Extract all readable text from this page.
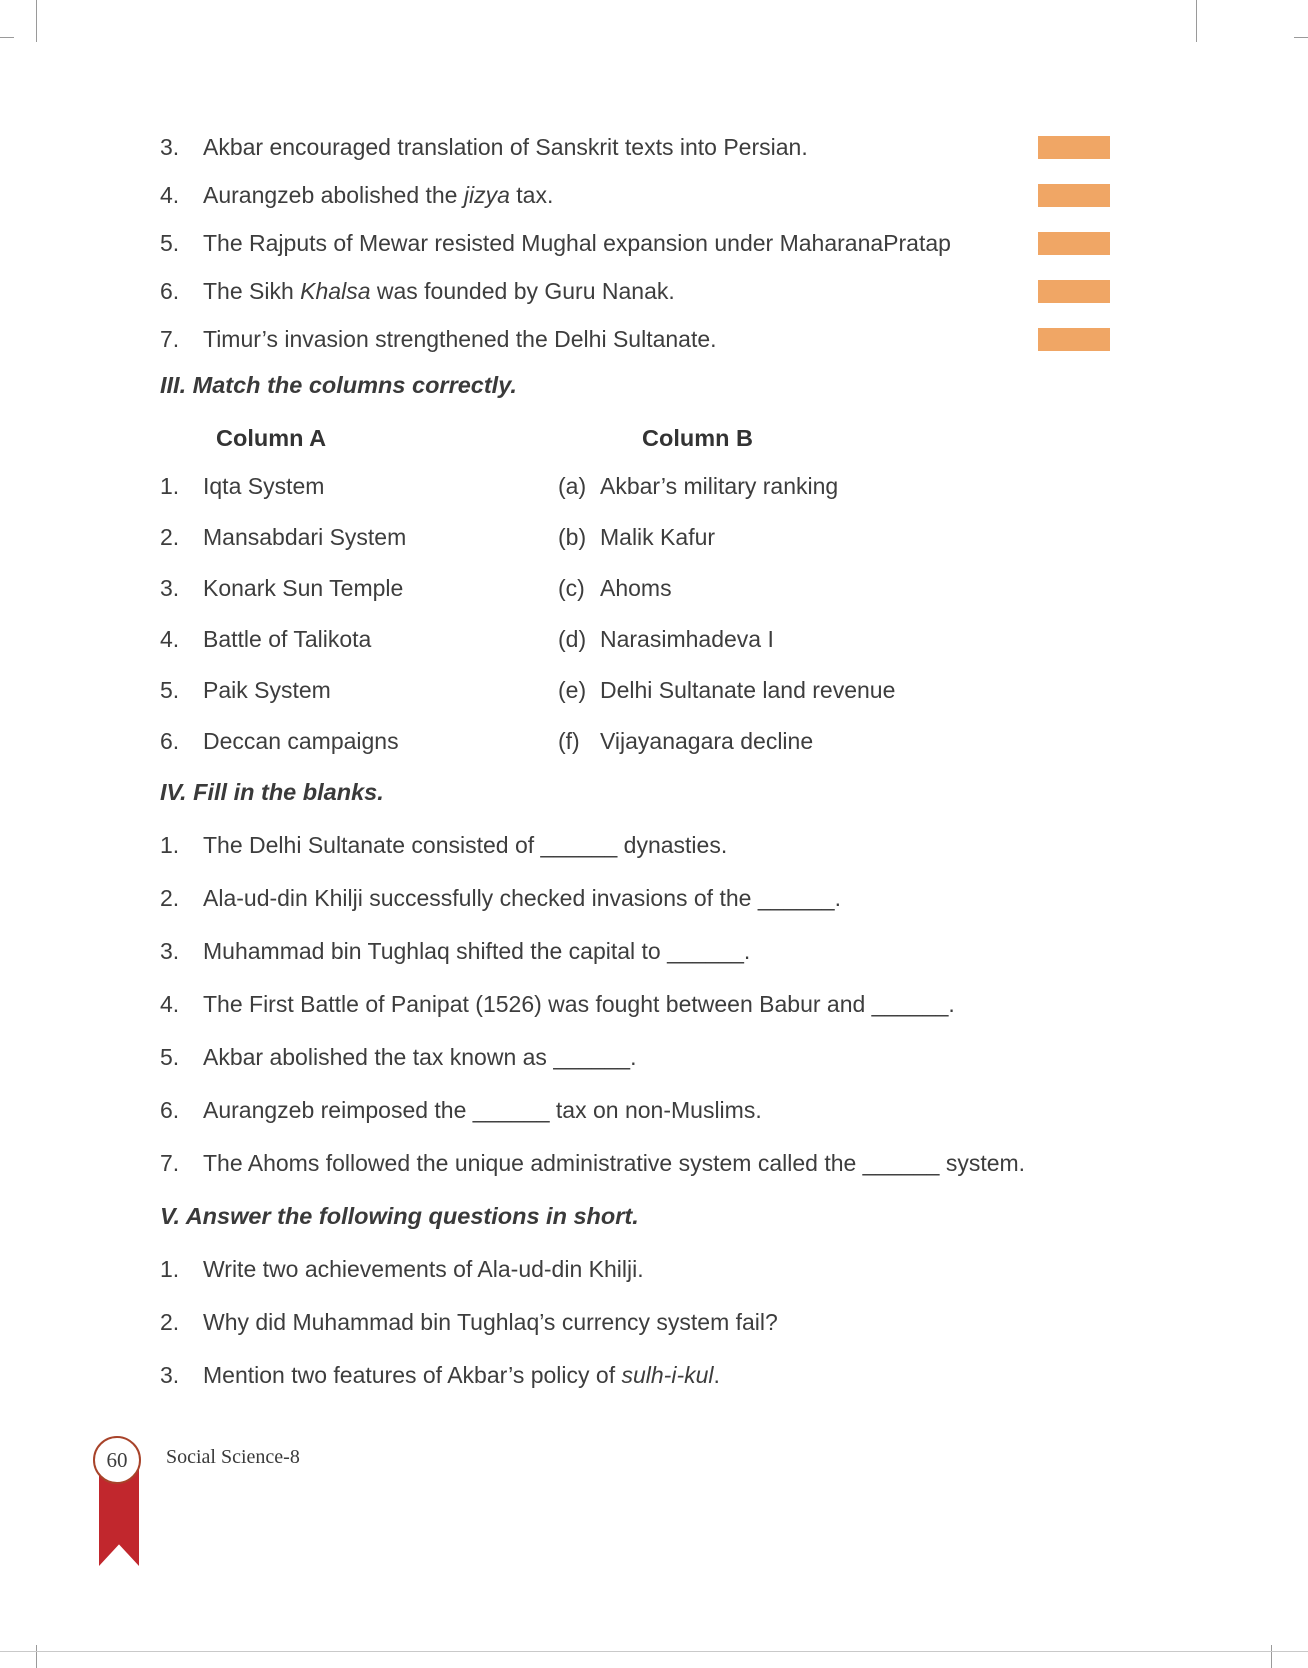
3.	Akbar encouraged translation of Sanskrit texts into Persian.
4.	Aurangzeb abolished the jizya tax.
5.	The Rajputs of Mewar resisted Mughal expansion under MaharanaPratap
6.	The Sikh Khalsa was founded by Guru Nanak.
7.	Timur’s invasion strengthened the Delhi Sultanate.
III. Match the columns correctly.
Column A	Column B
1.	Iqta System	(a) Akbar’s military ranking
2.	Mansabdari System	(b) Malik Kafur
3.	Konark Sun Temple	(c) Ahoms
4.	Battle of Talikota	(d) Narasimhadeva I
5.	Paik System	(e) Delhi Sultanate land revenue
6.	Deccan campaigns	(f) Vijayanagara decline
IV. Fill in the blanks.
1.	The Delhi Sultanate consisted of ______ dynasties.
2.	Ala-ud-din Khilji successfully checked invasions of the ______.
3.	Muhammad bin Tughlaq shifted the capital to ______.
4.	The First Battle of Panipat (1526) was fought between Babur and ______.
5.	Akbar abolished the tax known as ______.
6.	Aurangzeb reimposed the ______ tax on non-Muslims.
7.	The Ahoms followed the unique administrative system called the ______ system.
V. Answer the following questions in short.
1.	Write two achievements of Ala-ud-din Khilji.
2.	Why did Muhammad bin Tughlaq’s currency system fail?
3.	Mention two features of Akbar’s policy of sulh-i-kul.
60 Social Science-8
